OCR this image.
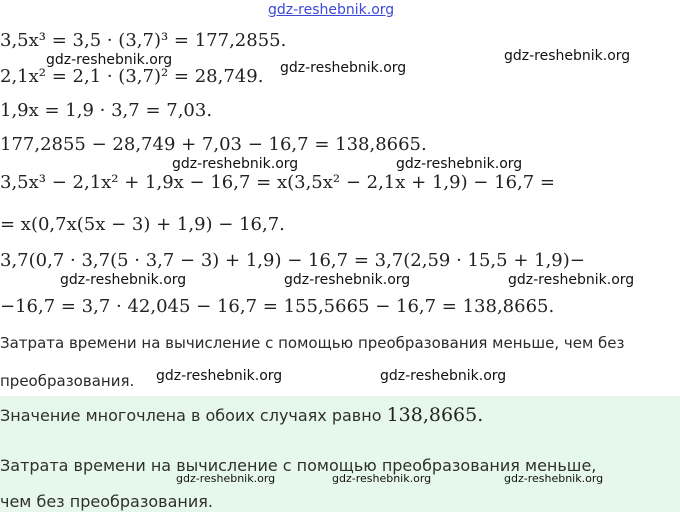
gdz-reshebnik.org
3,5x³ = 3,5 · (3,7)³ = 177,2855.
2,1x² = 2,1 · (3,7)² = 28,749.
1,9x = 1,9 · 3,7 = 7,03.
177,2855 − 28,749 + 7,03 − 16,7 = 138,8665.
3,5x³ − 2,1x² + 1,9x − 16,7 = x(3,5x² − 2,1x + 1,9) − 16,7 =
= x(0,7x(5x − 3) + 1,9) − 16,7.
3,7(0,7 · 3,7(5 · 3,7 − 3) + 1,9) − 16,7 = 3,7(2,59 · 15,5 + 1,9)−
−16,7 = 3,7 · 42,045 − 16,7 = 155,5665 − 16,7 = 138,8665.
Затрата времени на вычисление с помощью преобразования меньше, чем без
преобразования.
gdz-reshebnik.org	gdz-reshebnik.org
gdz-reshebnik.org
gdz-reshebnik.org	gdz-reshebnik.org
gdz-reshebnik.org	gdz-reshebnik.org	gdz-reshebnik.org
gdz-reshebnik.org	gdz-reshebnik.org
Значение многочлена в обоих случаях равно 138,8665.
Затрата времени на вычисление с помощью преобразования меньше,
чем без преобразования.
gdz-reshebnik.org	gdz-reshebnik.org	gdz-reshebnik.org
